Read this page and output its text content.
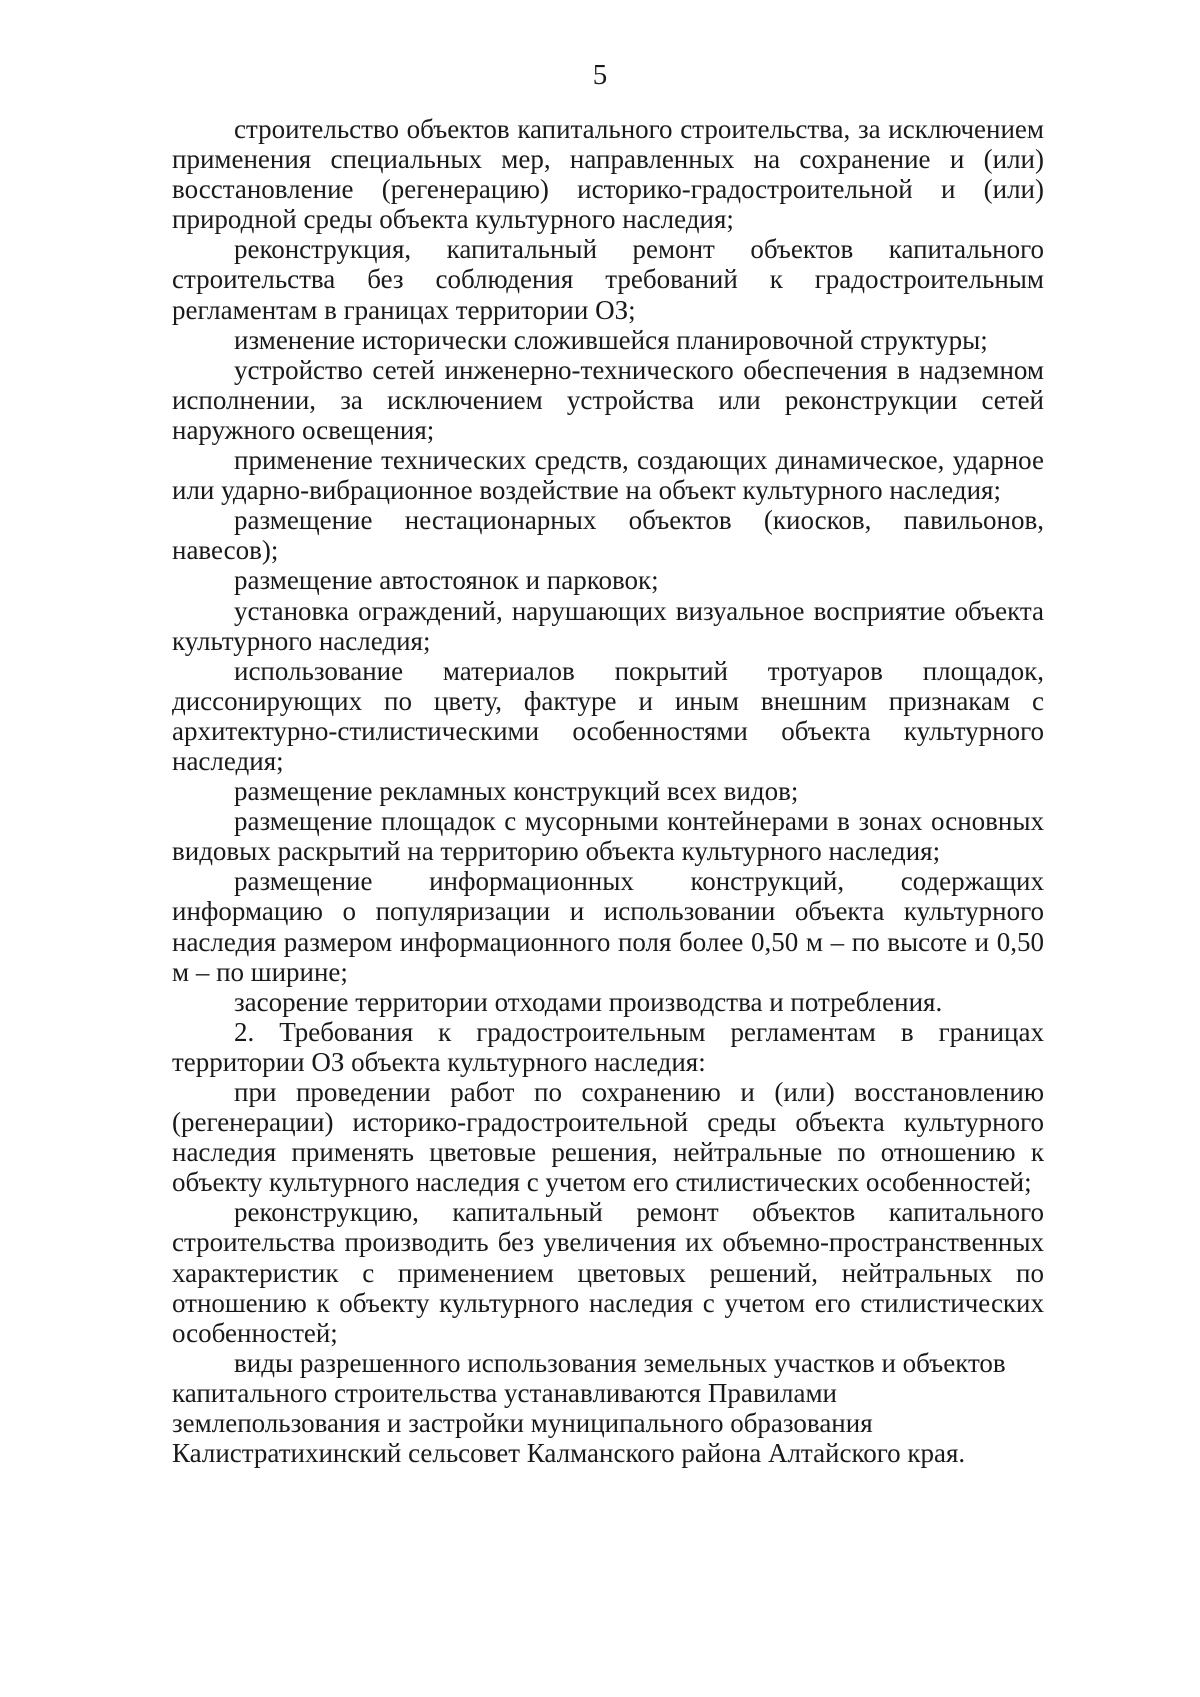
5

строительство объектов капитального строительства, за исключением применения специальных мер, направленных на сохранение и (или) восстановление (регенерацию) историко-градостроительной и (или) природной среды объекта культурного наследия;

реконструкция, капитальный ремонт объектов капитального строительства без соблюдения требований к градостроительным регламентам в границах территории ОЗ;

изменение исторически сложившейся планировочной структуры;

устройство сетей инженерно-технического обеспечения в надземном исполнении, за исключением устройства или реконструкции сетей наружного освещения;

применение технических средств, создающих динамическое, ударное или ударно-вибрационное воздействие на объект культурного наследия;

размещение нестационарных объектов (киосков, павильонов, навесов);

размещение автостоянок и парковок;

установка ограждений, нарушающих визуальное восприятие объекта культурного наследия;

использование материалов покрытий тротуаров площадок, диссонирующих по цвету, фактуре и иным внешним признакам с архитектурно-стилистическими особенностями объекта культурного наследия;

размещение рекламных конструкций всех видов;

размещение площадок с мусорными контейнерами в зонах основных видовых раскрытий на территорию объекта культурного наследия;

размещение информационных конструкций, содержащих информацию о популяризации и использовании объекта культурного наследия размером информационного поля более 0,50 м – по высоте и 0,50 м – по ширине;

засорение территории отходами производства и потребления.

2. Требования к градостроительным регламентам в границах территории ОЗ объекта культурного наследия:

при проведении работ по сохранению и (или) восстановлению (регенерации) историко-градостроительной среды объекта культурного наследия применять цветовые решения, нейтральные по отношению к объекту культурного наследия с учетом его стилистических особенностей;

реконструкцию, капитальный ремонт объектов капитального строительства производить без увеличения их объемно-пространственных характеристик с применением цветовых решений, нейтральных по отношению к объекту культурного наследия с учетом его стилистических особенностей;

виды разрешенного использования земельных участков и объектов капитального строительства устанавливаются Правилами землепользования и застройки муниципального образования Калистратихинский сельсовет Калманского района Алтайского края.
